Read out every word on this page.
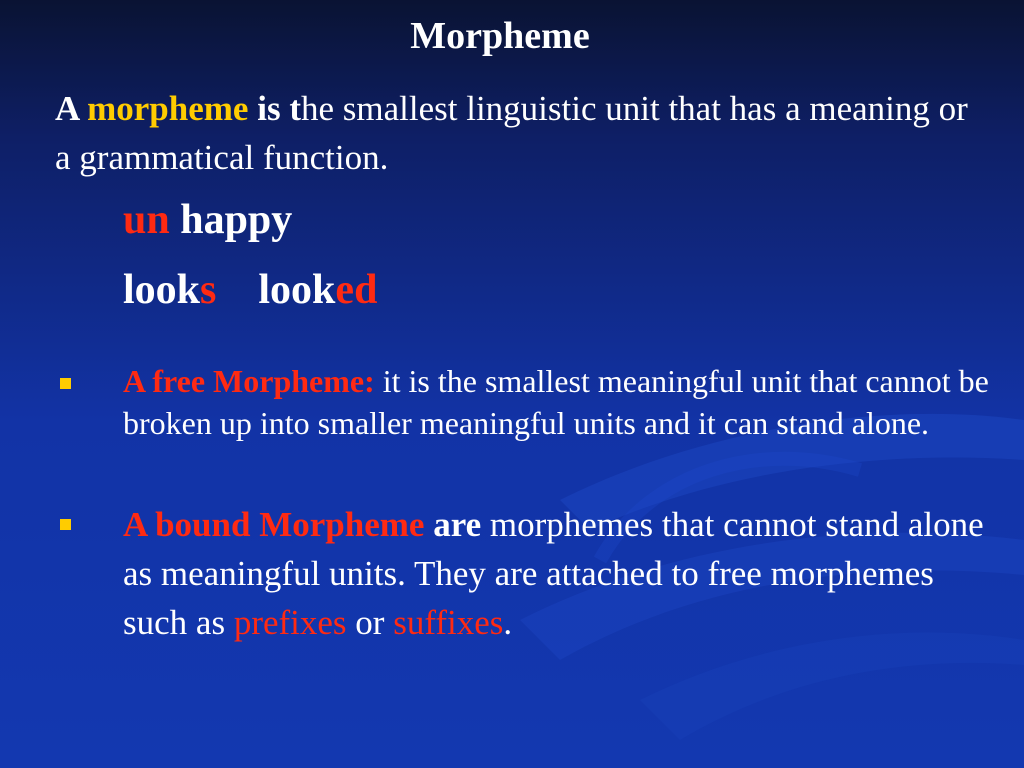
Morpheme
A morpheme is the smallest linguistic unit that has a meaning or a grammatical function.
un happy
looks looked
A free Morpheme: it is the smallest meaningful unit that cannot be broken up into smaller meaningful units and it can stand alone.
A bound Morpheme are morphemes that cannot stand alone as meaningful units. They are attached to free morphemes such as prefixes or suffixes.
